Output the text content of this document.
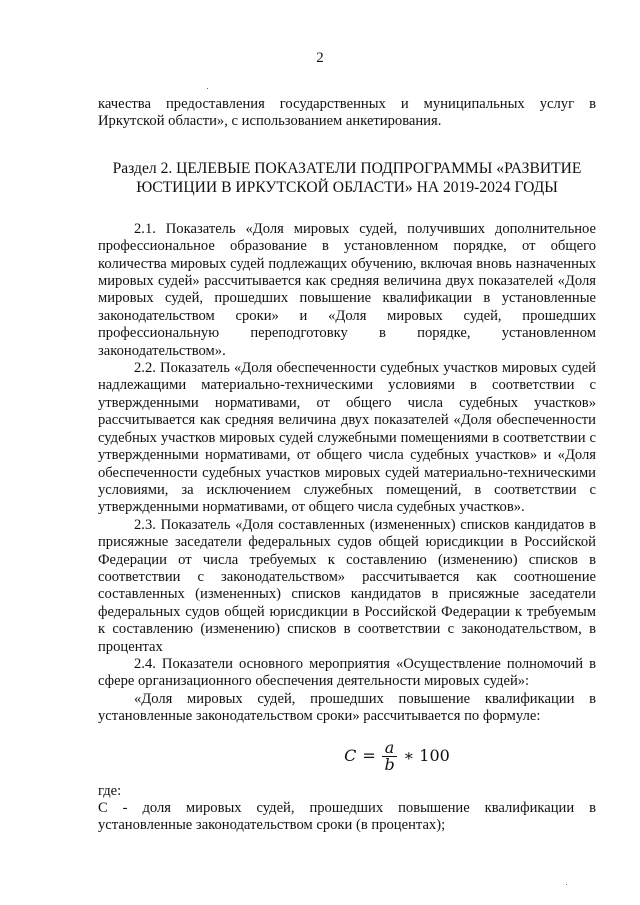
2

качества предоставления государственных и муниципальных услуг в Иркутской области», с использованием анкетирования.

Раздел 2. ЦЕЛЕВЫЕ ПОКАЗАТЕЛИ ПОДПРОГРАММЫ «РАЗВИТИЕ ЮСТИЦИИ В ИРКУТСКОЙ ОБЛАСТИ» НА 2019-2024 ГОДЫ

2.1. Показатель «Доля мировых судей, получивших дополнительное профессиональное образование в установленном порядке, от общего количества мировых судей подлежащих обучению, включая вновь назначенных мировых судей» рассчитывается как средняя величина двух показателей «Доля мировых судей, прошедших повышение квалификации в установленные законодательством сроки» и «Доля мировых судей, прошедших профессиональную переподготовку в порядке, установленном законодательством».

2.2. Показатель «Доля обеспеченности судебных участков мировых судей надлежащими материально-техническими условиями в соответствии с утвержденными нормативами, от общего числа судебных участков» рассчитывается как средняя величина двух показателей «Доля обеспеченности судебных участков мировых судей служебными помещениями в соответствии с утвержденными нормативами, от общего числа судебных участков» и «Доля обеспеченности судебных участков мировых судей материально-техническими условиями, за исключением служебных помещений, в соответствии с утвержденными нормативами, от общего числа судебных участков».

2.3. Показатель «Доля составленных (измененных) списков кандидатов в присяжные заседатели федеральных судов общей юрисдикции в Российской Федерации от числа требуемых к составлению (изменению) списков в соответствии с законодательством» рассчитывается как соотношение составленных (измененных) списков кандидатов в присяжные заседатели федеральных судов общей юрисдикции в Российской Федерации к требуемым к составлению (изменению) списков в соответствии с законодательством, в процентах

2.4. Показатели основного мероприятия «Осуществление полномочий в сфере организационного обеспечения деятельности мировых судей»:

«Доля мировых судей, прошедших повышение квалификации в установленные законодательством сроки» рассчитывается по формуле:

$C = \frac{a}{b}$ ∗ 100

где:

С - доля мировых судей, прошедших повышение квалификации в установленные законодательством сроки (в процентах);
